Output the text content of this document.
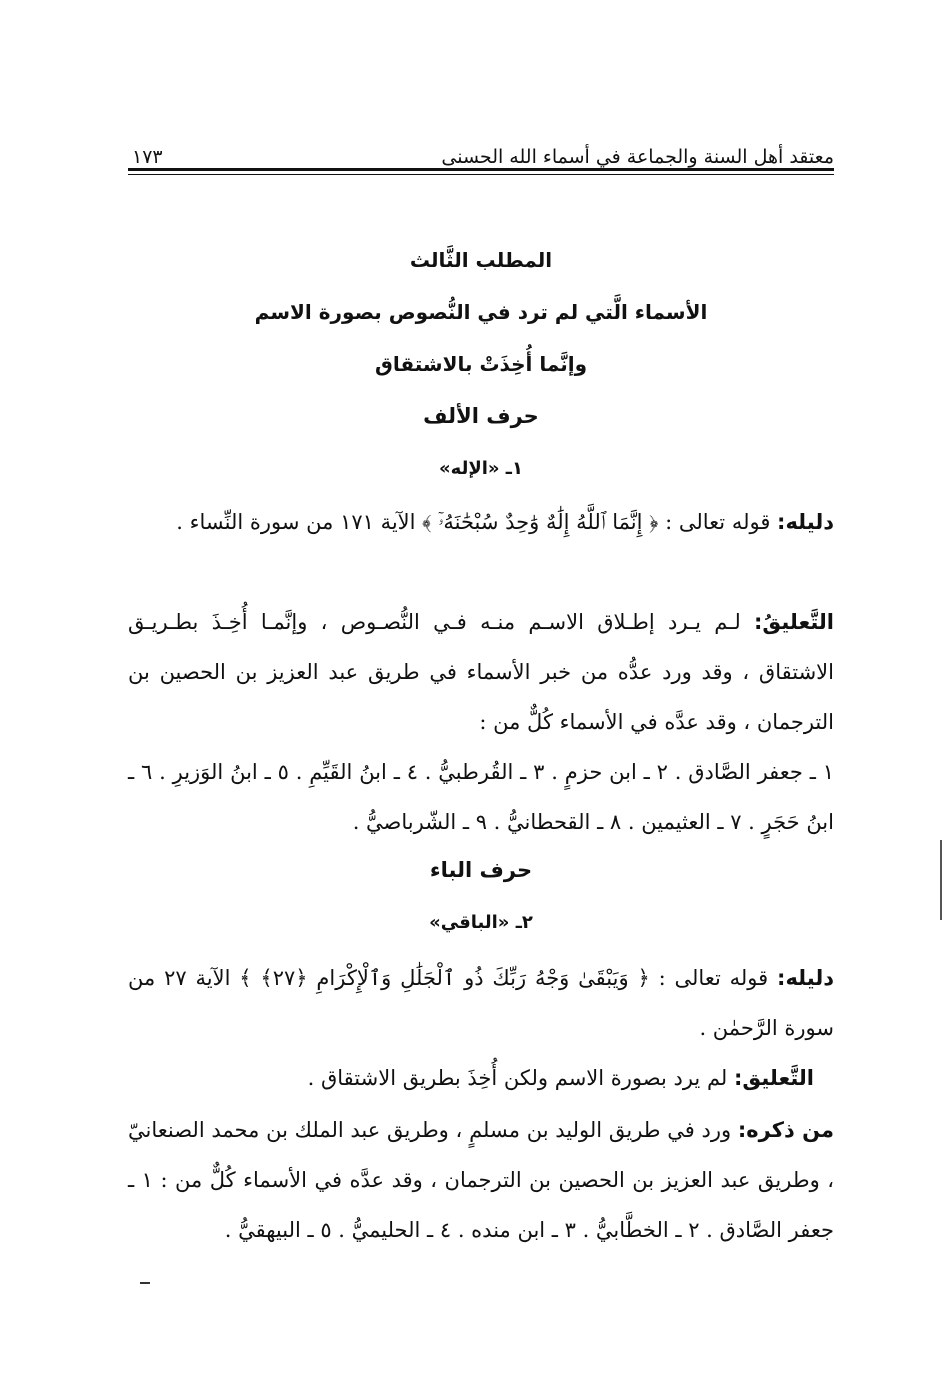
معتقد أهل السنة والجماعة في أسماء الله الحسنى
١٧٣
المطلب الثَّالث
الأسماء الَّتي لم ترد في النُّصوص بصورة الاسم
وإنَّما أُخِذَتْ بالاشتقاق
حرف الألف
١ـ «الإله»
دليله: قوله تعالى : ﴿ إِنَّمَا ٱللَّهُ إِلَٰهٌ وَٰحِدٌ سُبْحَٰنَهُۥٓ ﴾ الآية ١٧١ من سورة النِّساء .
التَّعليقُ: لـم يـرد إطـلاق الاسـم منـه فـي النُّصـوص ، وإنَّمـا أُخِـذَ بطـريـق الاشتقاق ، وقد ورد عدُّه من خبر الأسماء في طريق عبد العزيز بن الحصين بن الترجمان ، وقد عدَّه في الأسماء كُلٌّ من :
١ ـ جعفر الصَّادق . ٢ ـ ابن حزمٍ . ٣ ـ القُرطبيُّ . ٤ ـ ابنُ القَيِّمِ . ٥ ـ ابنُ الوَزيرِ . ٦ ـ ابنُ حَجَرٍ . ٧ ـ العثيمين . ٨ ـ القحطانيُّ . ٩ ـ الشّرباصيُّ .
حرف الباء
٢ـ «الباقي»
دليله: قوله تعالى : ﴿ وَيَبْقَىٰ وَجْهُ رَبِّكَ ذُو ٱلْجَلَٰلِ وَٱلْإِكْرَامِ ﴿٢٧﴾ ﴾ الآية ٢٧ من سورة الرَّحمٰن .
التَّعليق: لم يرد بصورة الاسم ولكن أُخِذَ بطريق الاشتقاق .
من ذكره: ورد في طريق الوليد بن مسلمٍ ، وطريق عبد الملك بن محمد الصنعانيّ ، وطريق عبد العزيز بن الحصين بن الترجمان ، وقد عدَّه في الأسماء كُلٌّ من : ١ ـ جعفر الصَّادق . ٢ ـ الخطَّابيُّ . ٣ ـ ابن منده . ٤ ـ الحليميُّ . ٥ ـ البيهقيُّ .
